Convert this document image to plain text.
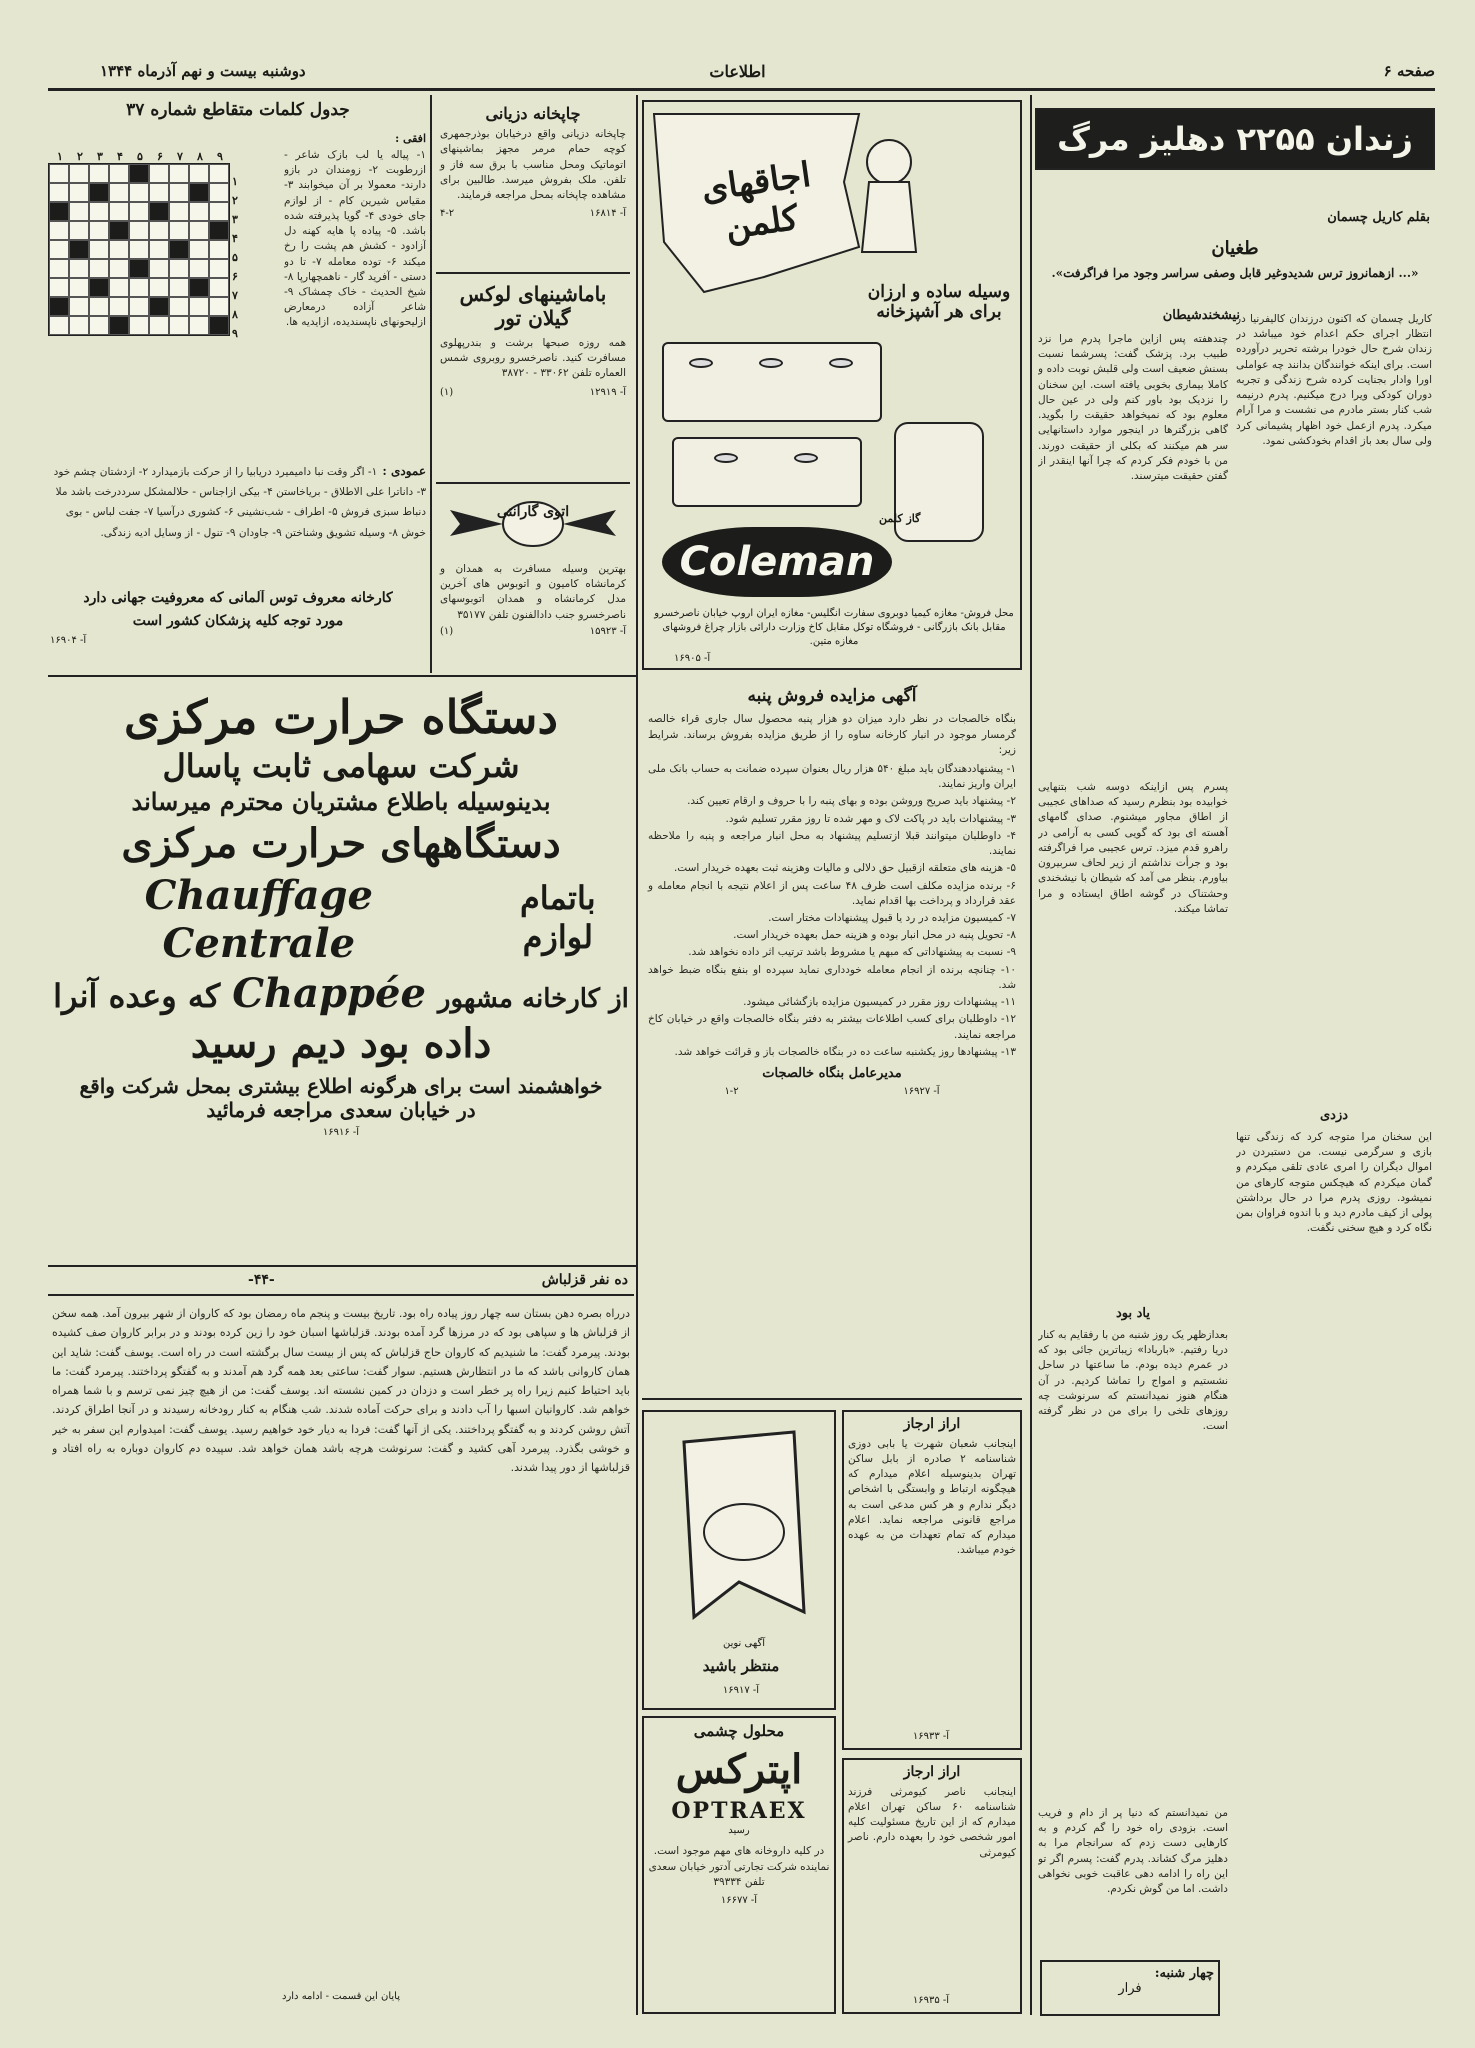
صفحه ۶
اطلاعات
دوشنبه بیست و نهم آذرماه ۱۳۴۴
زندان ۲۲۵۵ دهلیز مرگ
بقلم کاریل چسمان
طغیان
«... ازهمانروز ترس شدیدوغیر قابل وصفی سراسر وجود مرا فراگرفت».
نیشخندشیطان
کاریل چسمان که اکنون درزندان کالیفرنیا در انتظار اجرای حکم اعدام خود میباشد در زندان شرح حال خودرا برشته تحریر درآورده است. برای اینکه خوانندگان بدانند چه عواملی اورا وادار بجنایت کرده شرح زندگی و تجربه دوران کودکی ویرا درج میکنیم. پدرم درنیمه شب کنار بستر مادرم می نشست و مرا آرام میکرد. پدرم ازعمل خود اظهار پشیمانی کرد ولی سال بعد باز اقدام بخودکشی نمود.
چندهفته پس ازاین ماجرا پدرم مرا نزد طبیب برد. پزشک گفت: پسرشما نسبت بسنش ضعیف است ولی قلبش نوبت داده و کاملا بیماری بخوبی یافته است. این سخنان را نزدیک بود باور کنم ولی در عین حال معلوم بود که نمیخواهد حقیقت را بگوید. گاهی بزرگترها در اینجور موارد داستانهایی سر هم میکنند که بکلی از حقیقت دورند. من با خودم فکر کردم که چرا آنها اینقدر از گفتن حقیقت میترسند.
پسرم پس ازاینکه دوسه شب بتنهایی خوابیده بود بنظرم رسید که صداهای عجیبی از اطاق مجاور میشنوم. صدای گامهای آهسته ای بود که گویی کسی به آرامی در راهرو قدم میزد. ترس عجیبی مرا فراگرفته بود و جرأت نداشتم از زیر لحاف سربیرون بیاورم. بنظر می آمد که شیطان با نیشخندی وحشتناک در گوشه اطاق ایستاده و مرا تماشا میکند.
دزدی
این سخنان مرا متوجه کرد که زندگی تنها بازی و سرگرمی نیست. من دستبردن در اموال دیگران را امری عادی تلقی میکردم و گمان میکردم که هیچکس متوجه کارهای من نمیشود. روزی پدرم مرا در حال برداشتن پولی از کیف مادرم دید و با اندوه فراوان بمن نگاه کرد و هیچ سخنی نگفت.
یاد بود
بعدازظهر یک روز شنبه من با رفقایم به کنار دریا رفتیم. «باربادا» زیباترین جائی بود که در عمرم دیده بودم. ما ساعتها در ساحل نشستیم و امواج را تماشا کردیم. در آن هنگام هنوز نمیدانستم که سرنوشت چه روزهای تلخی را برای من در نظر گرفته است.
من نمیدانستم که دنیا پر از دام و فریب است. بزودی راه خود را گم کردم و به کارهایی دست زدم که سرانجام مرا به دهلیز مرگ کشاند. پدرم گفت: پسرم اگر تو این راه را ادامه دهی عاقبت خوبی نخواهی داشت. اما من گوش نکردم.
چهار شنبه:
فرار
اجاقهای کلمن
وسیله ساده و ارزان برای هر آشپزخانه
گاز کلمن
Coleman
محل فروش- مغازه کیمیا دوبروی سفارت انگلیس- مغازه ایران اروپ خیابان ناصرخسرو مقابل بانک بازرگانی - فروشگاه توکل مقابل کاخ وزارت دارائی بازار چراغ فروشهای مغازه متین.
آ- ۱۶۹۰۵
آگهی مزایده فروش پنبه
بنگاه خالصجات در نظر دارد میزان دو هزار پنبه محصول سال جاری قراء خالصه گرمسار موجود در انبار کارخانه ساوه را از طریق مزایده بفروش برساند. شرایط زیر:
۱- پیشنهاددهندگان باید مبلغ ۵۴۰ هزار ریال بعنوان سپرده ضمانت به حساب بانک ملی ایران واریز نمایند.
۲- پیشنهاد باید صریح وروشن بوده و بهای پنبه را با حروف و ارقام تعیین کند.
۳- پیشنهادات باید در پاکت لاک و مهر شده تا روز مقرر تسلیم شود.
۴- داوطلبان میتوانند قبلا ازتسلیم پیشنهاد به محل انبار مراجعه و پنبه را ملاحظه نمایند.
۵- هزینه های متعلقه ازقبیل حق دلالی و مالیات وهزینه ثبت بعهده خریدار است.
۶- برنده مزایده مکلف است ظرف ۴۸ ساعت پس از اعلام نتیجه با انجام معامله و عقد قرارداد و پرداخت بها اقدام نماید.
۷- کمیسیون مزایده در رد یا قبول پیشنهادات مختار است.
۸- تحویل پنبه در محل انبار بوده و هزینه حمل بعهده خریدار است.
۹- نسبت به پیشنهاداتی که مبهم یا مشروط باشد ترتیب اثر داده نخواهد شد.
۱۰- چنانچه برنده از انجام معامله خودداری نماید سپرده او بنفع بنگاه ضبط خواهد شد.
۱۱- پیشنهادات روز مقرر در کمیسیون مزایده بازگشائی میشود.
۱۲- داوطلبان برای کسب اطلاعات بیشتر به دفتر بنگاه خالصجات واقع در خیابان کاخ مراجعه نمایند.
۱۳- پیشنهادها روز یکشنبه ساعت ده در بنگاه خالصجات باز و قرائت خواهد شد.
مدیرعامل بنگاه خالصجات
آ- ۱۶۹۲۷
۱-۲
اراز ارجاز
اینجانب شعبان شهرت یا بابی دوزی شناسنامه ۲ صادره از بابل ساکن تهران بدینوسیله اعلام میدارم که هیچگونه ارتباط و وابستگی با اشخاص دیگر ندارم و هر کس مدعی است به مراجع قانونی مراجعه نماید. اعلام میدارم که تمام تعهدات من به عهده خودم میباشد.
آ- ۱۶۹۳۳
اراز ارجاز
اینجانب ناصر کیومرثی فرزند شناسنامه ۶۰ ساکن تهران اعلام میدارم که از این تاریخ مسئولیت کلیه امور شخصی خود را بعهده دارم. ناصر کیومرثی
آ- ۱۶۹۳۵
آگهی نوین
منتظر باشید
آ- ۱۶۹۱۷
محلول چشمی
اپترکس
OPTRAEX
رسید
در کلیه داروخانه های مهم موجود است. نماینده شرکت تجارتی آدتور خیابان سعدی تلفن ۳۹۳۳۴
آ- ۱۶۶۷۷
چاپخانه دزیانی
چاپخانه دزیانی واقع درخیابان بوذرجمهری کوچه حمام مرمر مجهز بماشینهای اتوماتیک ومحل مناسب با برق سه فاز و تلفن. ملک بفروش میرسد. طالبین برای مشاهده چاپخانه بمحل مراجعه فرمایند.
آ- ۱۶۸۱۴
۴-۲
باماشینهای لوکس گیلان تور
همه روزه صبحها برشت و بندرپهلوی مسافرت کنید. ناصرخسرو روبروی شمس العماره تلفن ۳۳۰۶۲ - ۳۸۷۲۰
آ- ۱۲۹۱۹
(۱)
اتوی گارانتی
بهترین وسیله مسافرت به همدان و کرمانشاه کامیون و اتوبوس های آخرین مدل کرمانشاه و همدان اتوبوسهای ناصرخسرو جنب دادالفنون تلفن ۳۵۱۷۷
آ- ۱۵۹۲۳
(۱)
جدول کلمات متقاطع شماره ۳۷
افقی :
۱- پیاله یا لب بازک شاعر - ازرطوبت ۲- زومندان در بازو دارند- معمولا بر آن میخوابند ۳- مقیاس شیرین کام - از لوازم جای خودی ۴- گویا پذیرفته شده باشد. ۵- پیاده پا هایه کهنه دل آزادود - کشش هم پشت را رخ میکند ۶- توده معامله ۷- تا دو دستی - آفرید گار - ناهمچهارپا ۸- شیخ الحدیث - خاک چمشاک ۹- شاعر آزاده درمعارض ازلیحونهای ناپسندیده، ازایدیه ها.
۹
۸
۷
۶
۵
۴
۳
۲
۱
۱
۲
۳
۴
۵
۶
۷
۸
۹
عمودی : ۱- اگر وقت نبا دامیمیرد دریابیا را از حرکت بازمیدارد ۲- ازدشتان چشم خود ۳- داناترا علی الاطلاق - بریاخاستن ۴- بیکی ازاجناس - حلالمشکل سرددرخت باشد ملا دنباط سبزی فروش ۵- اطراف - شب‌نشینی ۶- کشوری درآسیا ۷- جفت لباس - بوی خوش ۸- وسیله تشویق وشناختن ۹- جاودان ۹- تنول - از وسایل ادیه زندگی.
کارخانه معروف توس آلمانی که معروفیت جهانی دارد
مورد توجه کلیه پزشکان کشور است
آ- ۱۶۹۰۴
دستگاه حرارت مرکزی
شرکت سهامی ثابت پاسال
بدینوسیله باطلاع مشتریان محترم میرساند
دستگاههای حرارت مرکزی
باتمام لوازم
Chauffage Centrale
از کارخانه مشهور
Chappée
که وعده آنرا
داده بود دیم رسید
خواهشمند است برای هرگونه اطلاع بیشتری بمحل شرکت واقع در خیابان سعدی مراجعه فرمائید
آ- ۱۶۹۱۶
ده نفر قزلباش
-۴۴-
درراه بصره دهن بستان سه چهار روز پیاده راه بود. تاریخ بیست و پنجم ماه رمضان بود که کاروان از شهر بیرون آمد. همه سخن از قزلباش ها و سپاهی بود که در مرزها گرد آمده بودند. قزلباشها اسبان خود را زین کرده بودند و در برابر کاروان صف کشیده بودند. پیرمرد گفت: ما شنیدیم که کاروان حاج قزلباش که پس از بیست سال برگشته است در راه است. یوسف گفت: شاید این همان کاروانی باشد که ما در انتظارش هستیم. سوار گفت: ساعتی بعد همه گرد هم آمدند و به گفتگو پرداختند. پیرمرد گفت: ما باید احتیاط کنیم زیرا راه پر خطر است و دزدان در کمین نشسته اند. یوسف گفت: من از هیچ چیز نمی ترسم و با شما همراه خواهم شد. کاروانیان اسبها را آب دادند و برای حرکت آماده شدند. شب هنگام به کنار رودخانه رسیدند و در آنجا اطراق کردند. آتش روشن کردند و به گفتگو پرداختند. یکی از آنها گفت: فردا به دیار خود خواهیم رسید. یوسف گفت: امیدوارم این سفر به خیر و خوشی بگذرد. پیرمرد آهی کشید و گفت: سرنوشت هرچه باشد همان خواهد شد. سپیده دم کاروان دوباره به راه افتاد و قزلباشها از دور پیدا شدند.
پایان این قسمت - ادامه دارد
